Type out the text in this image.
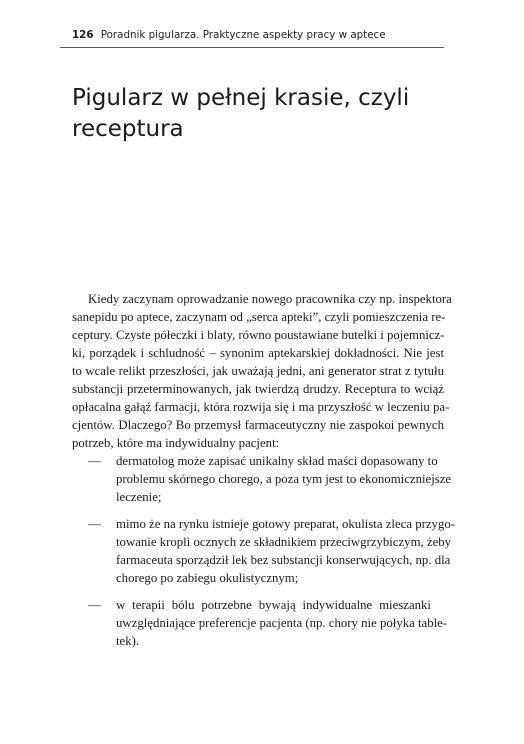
126 Poradnik pigularza. Praktyczne aspekty pracy w aptece
Pigularz w pełnej krasie, czyli
receptura
Kiedy zaczynam oprowadzanie nowego pracownika czy np. inspektora
sanepidu po aptece, zaczynam od „serca apteki”, czyli pomieszczenia re-
ceptury. Czyste półeczki i blaty, równo poustawiane butelki i pojemnicz-
ki, porządek i schludność – synonim aptekarskiej dokładności. Nie jest
to wcale relikt przeszłości, jak uważają jedni, ani generator strat z tytułu
substancji przeterminowanych, jak twierdzą drudzy. Receptura to wciąż
opłacalna gałąź farmacji, która rozwija się i ma przyszłość w leczeniu pa-
cjentów. Dlaczego? Bo przemysł farmaceutyczny nie zaspokoi pewnych
potrzeb, które ma indywidualny pacjent:
— dermatolog może zapisać unikalny skład maści dopasowany to
problemu skórnego chorego, a poza tym jest to ekonomiczniejsze
leczenie;
— mimo że na rynku istnieje gotowy preparat, okulista zleca przygo-
towanie kropli ocznych ze składnikiem przeciwgrzybiczym, żeby
farmaceuta sporządził lek bez substancji konserwujących, np. dla
chorego po zabiegu okulistycznym;
— w terapii bólu potrzebne bywają indywidualne mieszanki
uwzględniające preferencje pacjenta (np. chory nie połyka table-
tek).
